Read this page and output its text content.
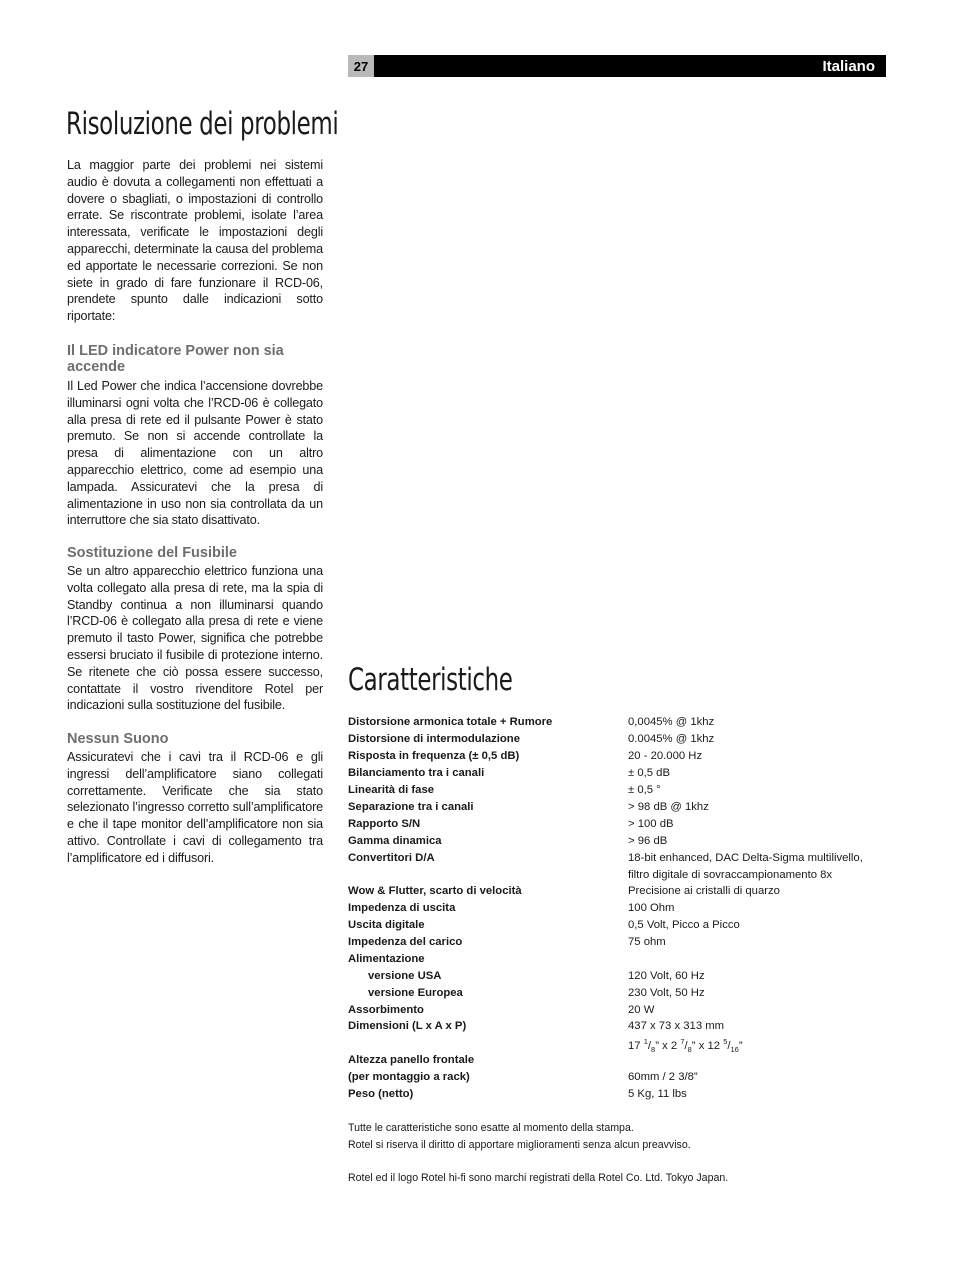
27	Italiano
Risoluzione dei problemi

La maggior parte dei problemi nei sistemi audio è dovuta a collegamenti non effettuati a dovere o sbagliati, o impostazioni di controllo errate. Se riscontrate problemi, isolate l’area interessata, verificate le impostazioni degli apparecchi, determinate la causa del problema ed apportate le necessarie correzioni. Se non siete in grado di fare funzionare il RCD-06, prendete spunto dalle indicazioni sotto riportate:

Il LED indicatore Power non sia accende

Il Led Power che indica l’accensione dovrebbe illuminarsi ogni volta che l’RCD-06 è collegato alla presa di rete ed il pulsante Power è stato premuto. Se non si accende controllate la presa di alimentazione con un altro apparecchio elettrico, come ad esempio una lampada. Assicuratevi che la presa di alimentazione in uso non sia controllata da un interruttore che sia stato disattivato.

Sostituzione del Fusibile

Se un altro apparecchio elettrico funziona una volta collegato alla presa di rete, ma la spia di Standby continua a non illuminarsi quando l’RCD-06 è collegato alla presa di rete e viene premuto il tasto Power, significa che potrebbe essersi bruciato il fusibile di protezione interno. Se ritenete che ciò possa essere successo, contattate il vostro rivenditore Rotel per indicazioni sulla sostituzione del fusibile.

Nessun Suono

Assicuratevi che i cavi tra il RCD-06 e gli ingressi dell’amplificatore siano collegati correttamente. Verificate che sia stato selezionato l’ingresso corretto sull’amplificatore e che il tape monitor dell’amplificatore non sia attivo. Controllate i cavi di collegamento tra l’amplificatore ed i diffusori.

Caratteristiche
Distorsione armonica totale + Rumore	0,0045% @ 1khz
Distorsione di intermodulazione	0.0045% @ 1khz
Risposta in frequenza (± 0,5 dB)	20 - 20.000 Hz
Bilanciamento tra i canali	± 0,5 dB
Linearità di fase	± 0,5 °
Separazione tra i canali	> 98 dB @ 1khz
Rapporto S/N	> 100 dB
Gamma dinamica	> 96 dB
Convertitori D/A	18-bit enhanced, DAC Delta-Sigma multilivello,
filtro digitale di sovraccampionamento 8x
Wow & Flutter, scarto di velocità	Precisione ai cristalli di quarzo
Impedenza di uscita	100 Ohm
Uscita digitale	0,5 Volt, Picco a Picco
Impedenza del carico	75 ohm
Alimentazione
versione USA	120 Volt, 60 Hz
versione Europea	230 Volt, 50 Hz
Assorbimento	20 W
Dimensioni (L x A x P)	437 x 73 x 313 mm
17 $^1/_8$” x 2 $^7/_8$” x 12 $^5/_{16}$”
Altezza panello frontale
(per montaggio a rack)	60mm / 2 3/8”
Peso (netto)	5 Kg, 11 lbs
Tutte le caratteristiche sono esatte al momento della stampa.
Rotel si riserva il diritto di apportare miglioramenti senza alcun preavviso.
Rotel ed il logo Rotel hi-fi sono marchi registrati della Rotel Co. Ltd. Tokyo Japan.
